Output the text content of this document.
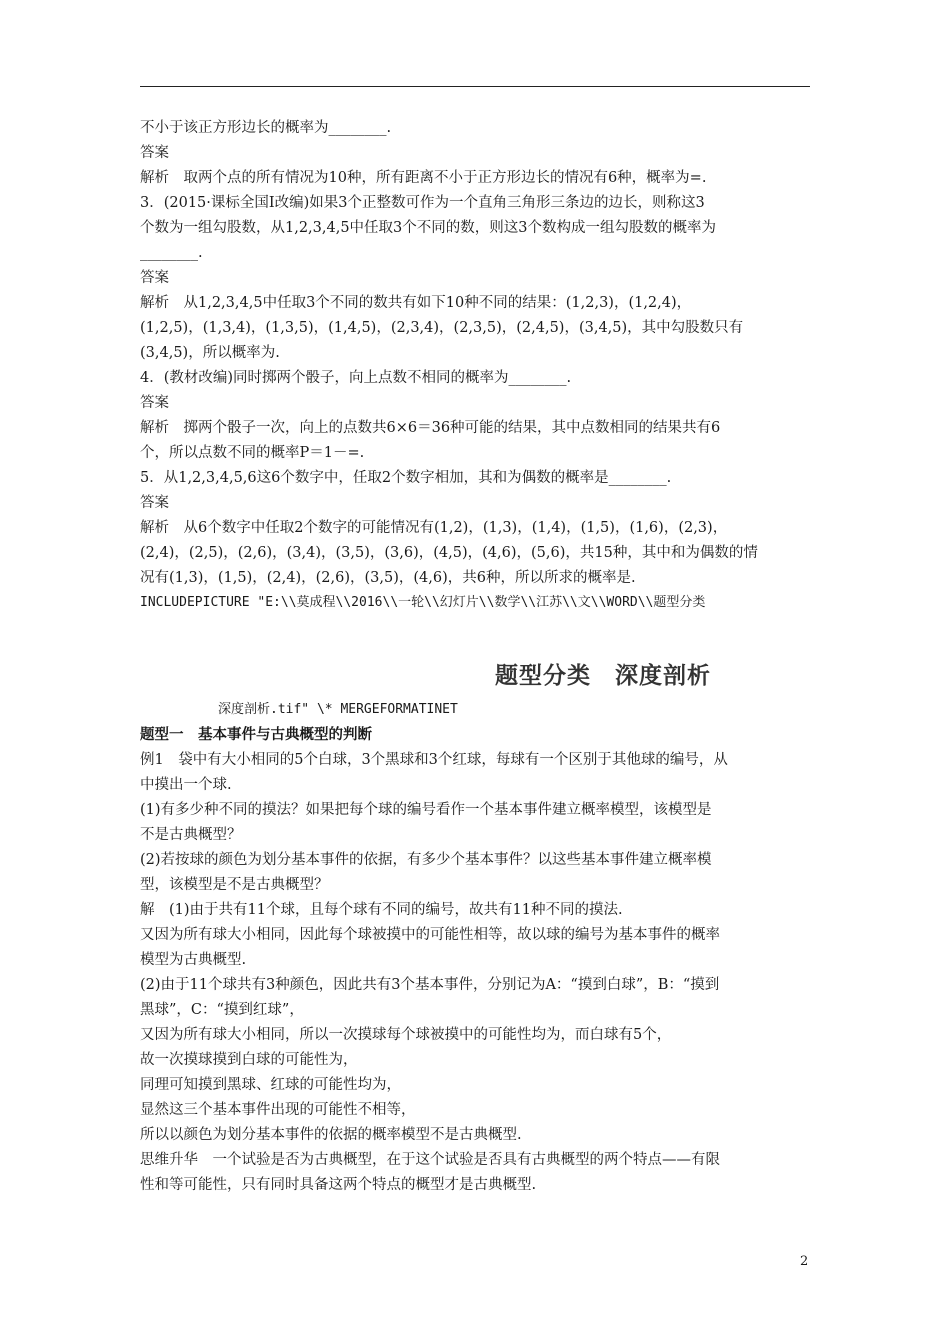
不小于该正方形边长的概率为________.
答案
解析　取两个点的所有情况为10种，所有距离不小于正方形边长的情况有6种，概率为=.
3．(2015·课标全国Ⅰ改编)如果3个正整数可作为一个直角三角形三条边的边长，则称这3
个数为一组勾股数，从1,2,3,4,5中任取3个不同的数，则这3个数构成一组勾股数的概率为
________.
答案
解析　从1,2,3,4,5中任取3个不同的数共有如下10种不同的结果：(1,2,3)，(1,2,4)，
(1,2,5)，(1,3,4)，(1,3,5)，(1,4,5)，(2,3,4)，(2,3,5)，(2,4,5)，(3,4,5)，其中勾股数只有
(3,4,5)，所以概率为.
4．(教材改编)同时掷两个骰子，向上点数不相同的概率为________.
答案
解析　掷两个骰子一次，向上的点数共6×6＝36种可能的结果，其中点数相同的结果共有6
个，所以点数不同的概率P＝1－=.
5．从1,2,3,4,5,6这6个数字中，任取2个数字相加，其和为偶数的概率是________.
答案
解析　从6个数字中任取2个数字的可能情况有(1,2)，(1,3)，(1,4)，(1,5)，(1,6)，(2,3)，
(2,4)，(2,5)，(2,6)，(3,4)，(3,5)，(3,6)，(4,5)，(4,6)，(5,6)，共15种，其中和为偶数的情
况有(1,3)，(1,5)，(2,4)，(2,6)，(3,5)，(4,6)，共6种，所以所求的概率是.
INCLUDEPICTURE "E:\\莫成程\\2016\\一轮\\幻灯片\\数学\\江苏\\文\\WORD\\题型分类
题型分类　深度剖析
深度剖析.tif" \* MERGEFORMATINET
题型一　基本事件与古典概型的判断
例1　袋中有大小相同的5个白球，3个黑球和3个红球，每球有一个区别于其他球的编号，从
中摸出一个球.
(1)有多少种不同的摸法？如果把每个球的编号看作一个基本事件建立概率模型，该模型是
不是古典概型？
(2)若按球的颜色为划分基本事件的依据，有多少个基本事件？以这些基本事件建立概率模
型，该模型是不是古典概型？
解　(1)由于共有11个球，且每个球有不同的编号，故共有11种不同的摸法.
又因为所有球大小相同，因此每个球被摸中的可能性相等，故以球的编号为基本事件的概率
模型为古典概型.
(2)由于11个球共有3种颜色，因此共有3个基本事件，分别记为A：“摸到白球”，B：“摸到
黑球”，C：“摸到红球”，
又因为所有球大小相同，所以一次摸球每个球被摸中的可能性均为，而白球有5个，
故一次摸球摸到白球的可能性为，
同理可知摸到黑球、红球的可能性均为，
显然这三个基本事件出现的可能性不相等，
所以以颜色为划分基本事件的依据的概率模型不是古典概型.
思维升华　一个试验是否为古典概型，在于这个试验是否具有古典概型的两个特点——有限
性和等可能性，只有同时具备这两个特点的概型才是古典概型.
2
